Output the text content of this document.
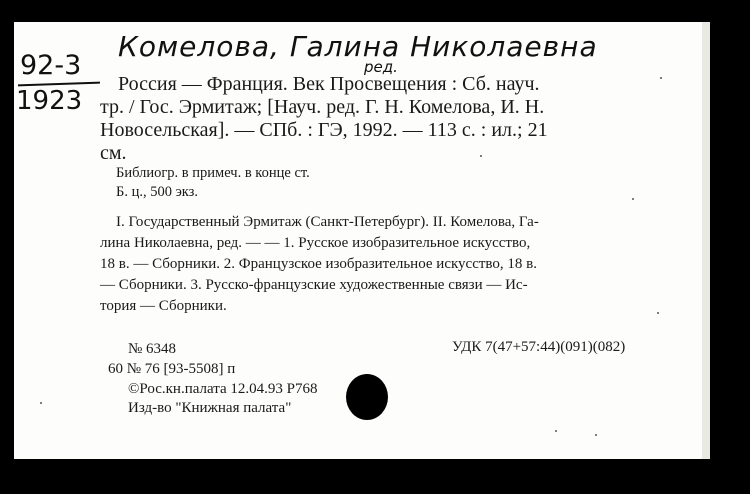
Комелова, Галина Николаевна
ред.
92-3
1923
Россия — Франция. Век Просвещения : Сб. науч.
тр. / Гос. Эрмитаж; [Науч. ред. Г. Н. Комелова, И. Н.
Новосельская]. — СПб. : ГЭ, 1992. — 113 с. : ил.; 21
см.
Библиогр. в примеч. в конце ст.
Б. ц., 500 экз.
I. Государственный Эрмитаж (Санкт-Петербург). II. Комелова, Га-
лина Николаевна, ред. — — 1. Русское изобразительное искусство,
18 в. — Сборники. 2. Французское изобразительное искусство, 18 в.
— Сборники. 3. Русско-французские художественные связи — Ис-
тория — Сборники.
№ 6348	УДК 7(47+57:44)(091)(082)
60 № 76 [93-5508] п
©Рос.кн.палата 12.04.93 Р768
Изд-во "Книжная палата"
